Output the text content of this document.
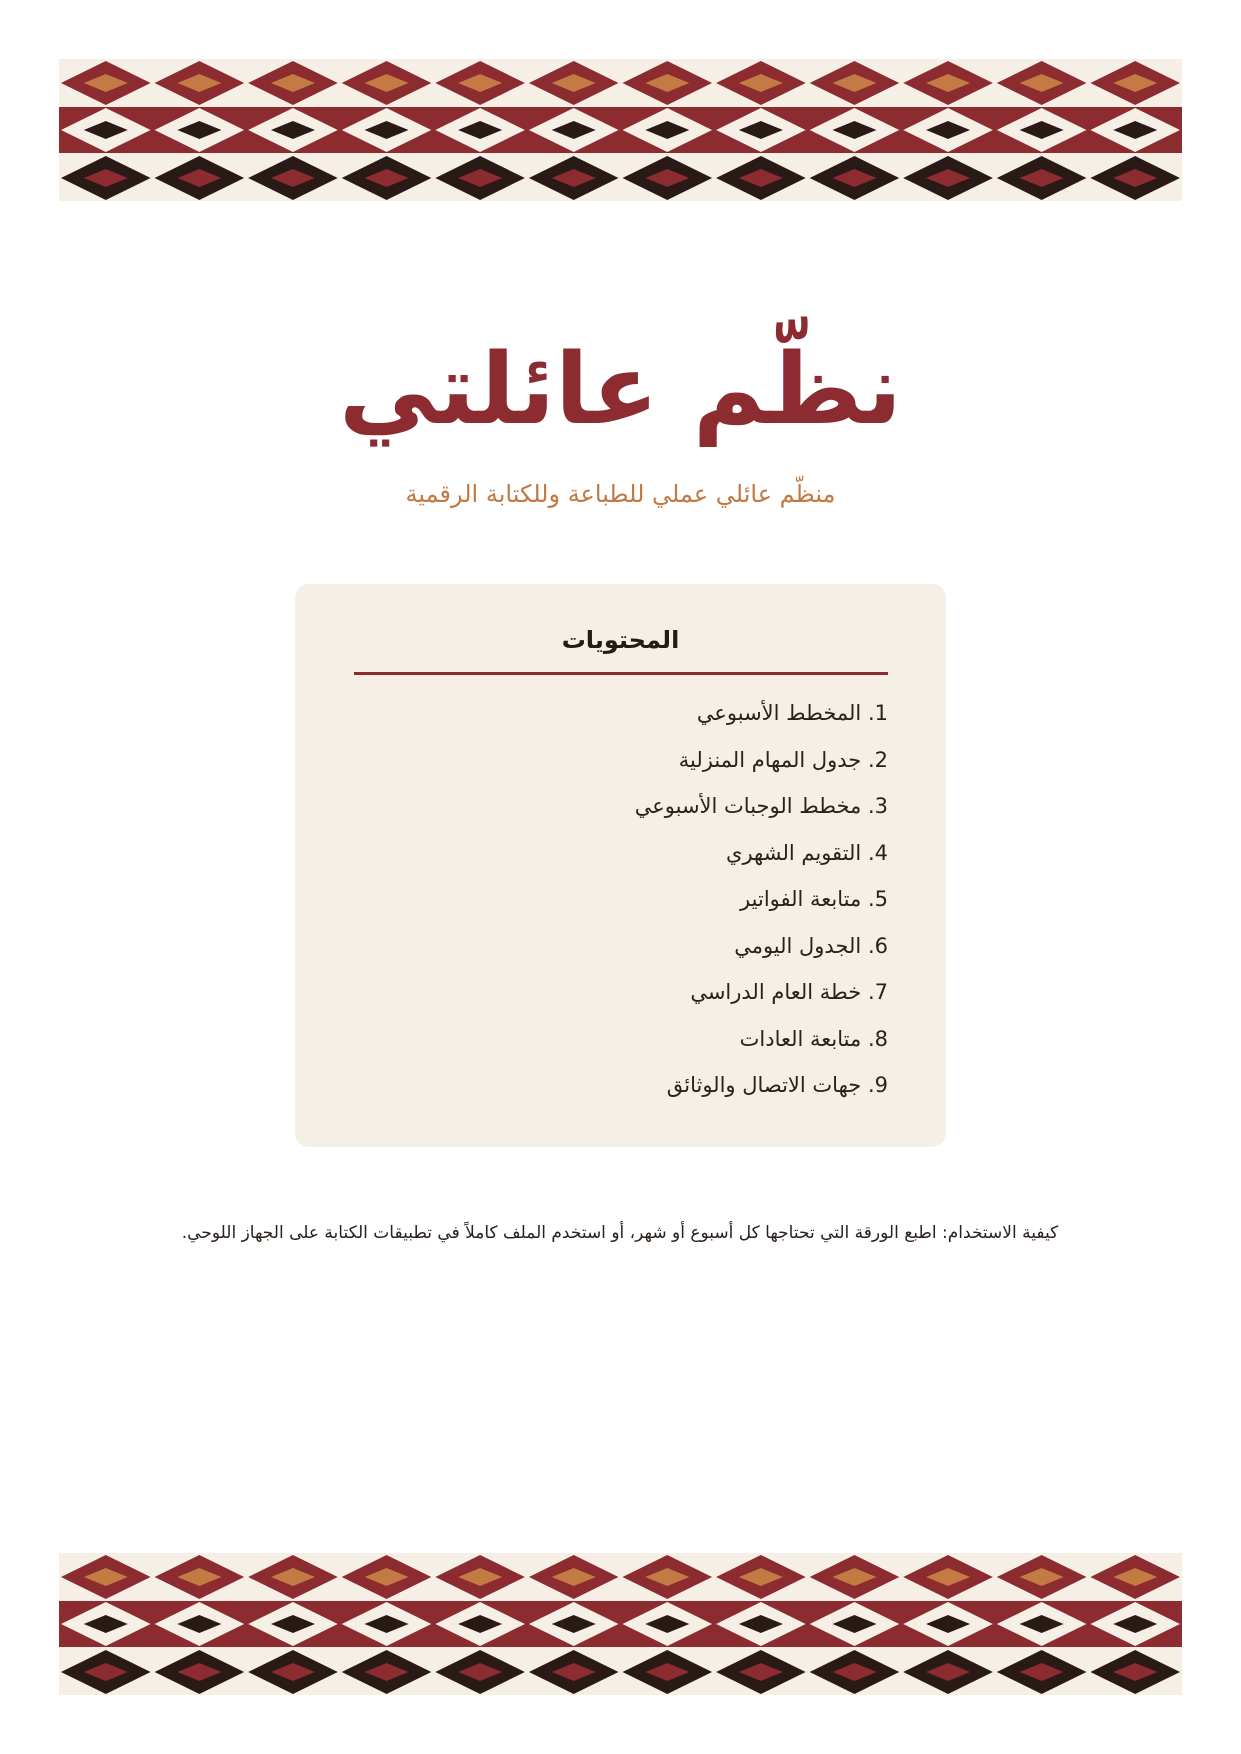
نظّم عائلتي

منظّم عائلي عملي للطباعة وللكتابة الرقمية

المحتويات
1. المخطط الأسبوعي
2. جدول المهام المنزلية
3. مخطط الوجبات الأسبوعي
4. التقويم الشهري
5. متابعة الفواتير
6. الجدول اليومي
7. خطة العام الدراسي
8. متابعة العادات
9. جهات الاتصال والوثائق

كيفية الاستخدام: اطبع الورقة التي تحتاجها كل أسبوع أو شهر، أو استخدم الملف كاملاً في تطبيقات الكتابة على الجهاز اللوحي.
